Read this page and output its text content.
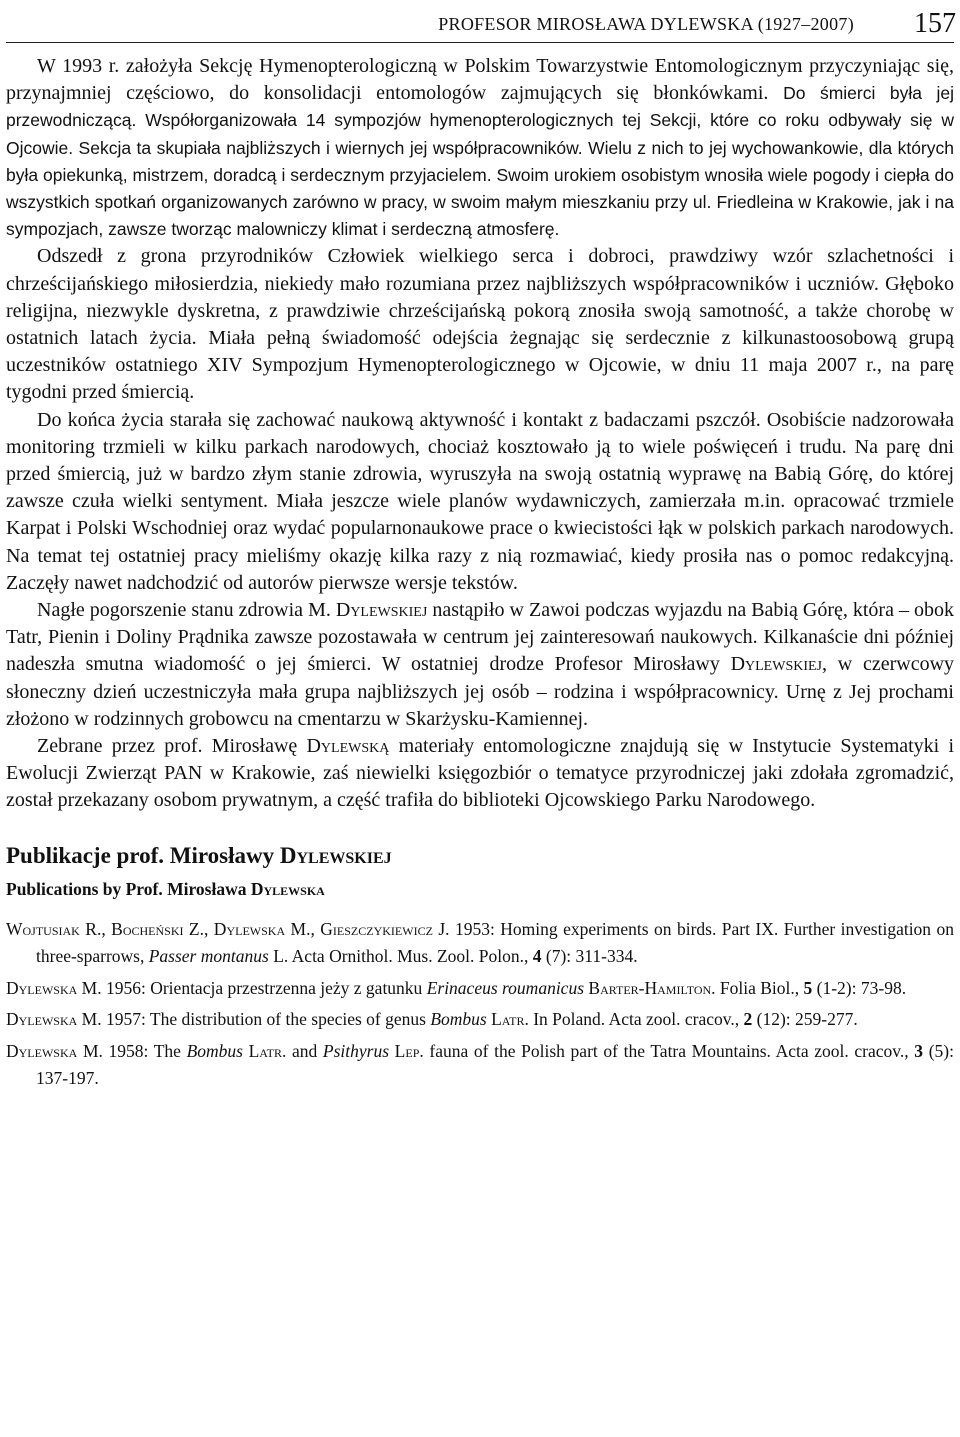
PROFESOR MIROSŁAWA DYLEWSKA (1927–2007) 157

W 1993 r. założyła Sekcję Hymenopterologiczną w Polskim Towarzystwie Entomologicznym przyczyniając się, przynajmniej częściowo, do konsolidacji entomologów zajmujących się błonkówkami. Do śmierci była jej przewodniczącą. Współorganizowała 14 sympozjów hymenopterologicznych tej Sekcji, które co roku odbywały się w Ojcowie. Sekcja ta skupiała najbliższych i wiernych jej współpracowników. Wielu z nich to jej wychowankowie, dla których była opiekunką, mistrzem, doradcą i serdecznym przyjacielem. Swoim urokiem osobistym wnosiła wiele pogody i ciepła do wszystkich spotkań organizowanych zarówno w pracy, w swoim małym mieszkaniu przy ul. Friedleina w Krakowie, jak i na sympozjach, zawsze tworząc malowniczy klimat i serdeczną atmosferę.

Odszedł z grona przyrodników Człowiek wielkiego serca i dobroci, prawdziwy wzór szlachetności i chrześcijańskiego miłosierdzia, niekiedy mało rozumiana przez najbliższych współpracowników i uczniów. Głęboko religijna, niezwykle dyskretna, z prawdziwie chrześcijańską pokorą znosiła swoją samotność, a także chorobę w ostatnich latach życia. Miała pełną świadomość odejścia żegnając się serdecznie z kilkunastoosobową grupą uczestników ostatniego XIV Sympozjum Hymenopterologicznego w Ojcowie, w dniu 11 maja 2007 r., na parę tygodni przed śmiercią.

Do końca życia starała się zachować naukową aktywność i kontakt z badaczami pszczół. Osobiście nadzorowała monitoring trzmieli w kilku parkach narodowych, chociaż kosztowało ją to wiele poświęceń i trudu. Na parę dni przed śmiercią, już w bardzo złym stanie zdrowia, wyruszyła na swoją ostatnią wyprawę na Babią Górę, do której zawsze czuła wielki sentyment. Miała jeszcze wiele planów wydawniczych, zamierzała m.in. opracować trzmiele Karpat i Polski Wschodniej oraz wydać popularnonaukowe prace o kwiecistości łąk w polskich parkach narodowych. Na temat tej ostatniej pracy mieliśmy okazję kilka razy z nią rozmawiać, kiedy prosiła nas o pomoc redakcyjną. Zaczęły nawet nadchodzić od autorów pierwsze wersje tekstów.

Nagłe pogorszenie stanu zdrowia M. Dylewskiej nastąpiło w Zawoi podczas wyjazdu na Babią Górę, która – obok Tatr, Pienin i Doliny Prądnika zawsze pozostawała w centrum jej zainteresowań naukowych. Kilkanaście dni później nadeszła smutna wiadomość o jej śmierci. W ostatniej drodze Profesor Mirosławy Dylewskiej, w czerwcowy słoneczny dzień uczestniczyła mała grupa najbliższych jej osób – rodzina i współpracownicy. Urnę z Jej prochami złożono w rodzinnych grobowcu na cmentarzu w Skarżysku-Kamiennej.

Zebrane przez prof. Mirosławę Dylewską materiały entomologiczne znajdują się w Instytucie Systematyki i Ewolucji Zwierząt PAN w Krakowie, zaś niewielki księgozbiór o tematyce przyrodniczej jaki zdołała zgromadzić, został przekazany osobom prywatnym, a część trafiła do biblioteki Ojcowskiego Parku Narodowego.

Publikacje prof. Mirosławy Dylewskiej
Publications by Prof. Mirosława Dylewska
Wojtusiak R., Bocheński Z., Dylewska M., Gieszczykiewicz J. 1953: Homing experiments on birds. Part IX. Further investigation on three-sparrows, Passer montanus L. Acta Ornithol. Mus. Zool. Polon., 4 (7): 311-334.
Dylewska M. 1956: Orientacja przestrzenna jeży z gatunku Erinaceus roumanicus Barter-Hamilton. Folia Biol., 5 (1-2): 73-98.
Dylewska M. 1957: The distribution of the species of genus Bombus Latr. In Poland. Acta zool. cracov., 2 (12): 259-277.
Dylewska M. 1958: The Bombus Latr. and Psithyrus Lep. fauna of the Polish part of the Tatra Mountains. Acta zool. cracov., 3 (5): 137-197.
